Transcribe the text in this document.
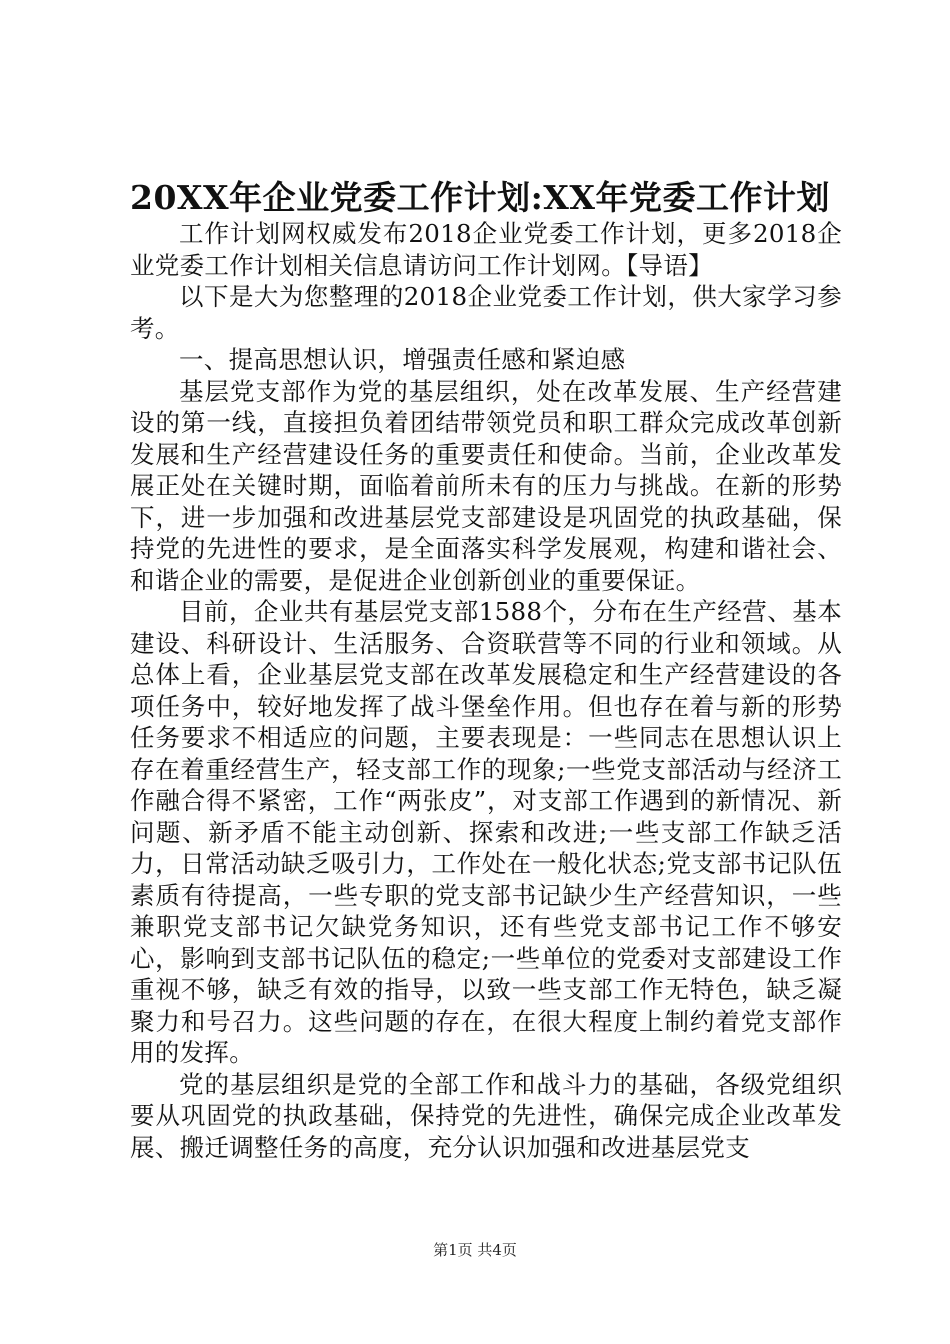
20XX年企业党委工作计划:XX年党委工作计划

工作计划网权威发布2018企业党委工作计划，更多2018企业党委工作计划相关信息请访问工作计划网。【导语】

以下是大为您整理的2018企业党委工作计划，供大家学习参考。

一、提高思想认识，增强责任感和紧迫感

基层党支部作为党的基层组织，处在改革发展、生产经营建设的第一线，直接担负着团结带领党员和职工群众完成改革创新发展和生产经营建设任务的重要责任和使命。当前，企业改革发展正处在关键时期，面临着前所未有的压力与挑战。在新的形势下，进一步加强和改进基层党支部建设是巩固党的执政基础，保持党的先进性的要求，是全面落实科学发展观，构建和谐社会、和谐企业的需要，是促进企业创新创业的重要保证。

目前，企业共有基层党支部1588个，分布在生产经营、基本建设、科研设计、生活服务、合资联营等不同的行业和领域。从总体上看，企业基层党支部在改革发展稳定和生产经营建设的各项任务中，较好地发挥了战斗堡垒作用。但也存在着与新的形势任务要求不相适应的问题，主要表现是：一些同志在思想认识上存在着重经营生产，轻支部工作的现象;一些党支部活动与经济工作融合得不紧密，工作“两张皮”，对支部工作遇到的新情况、新问题、新矛盾不能主动创新、探索和改进;一些支部工作缺乏活力，日常活动缺乏吸引力，工作处在一般化状态;党支部书记队伍素质有待提高，一些专职的党支部书记缺少生产经营知识，一些兼职党支部书记欠缺党务知识，还有些党支部书记工作不够安心，影响到支部书记队伍的稳定;一些单位的党委对支部建设工作重视不够，缺乏有效的指导，以致一些支部工作无特色，缺乏凝聚力和号召力。这些问题的存在，在很大程度上制约着党支部作用的发挥。

党的基层组织是党的全部工作和战斗力的基础，各级党组织要从巩固党的执政基础，保持党的先进性，确保完成企业改革发展、搬迁调整任务的高度，充分认识加强和改进基层党支

第1页 共4页
